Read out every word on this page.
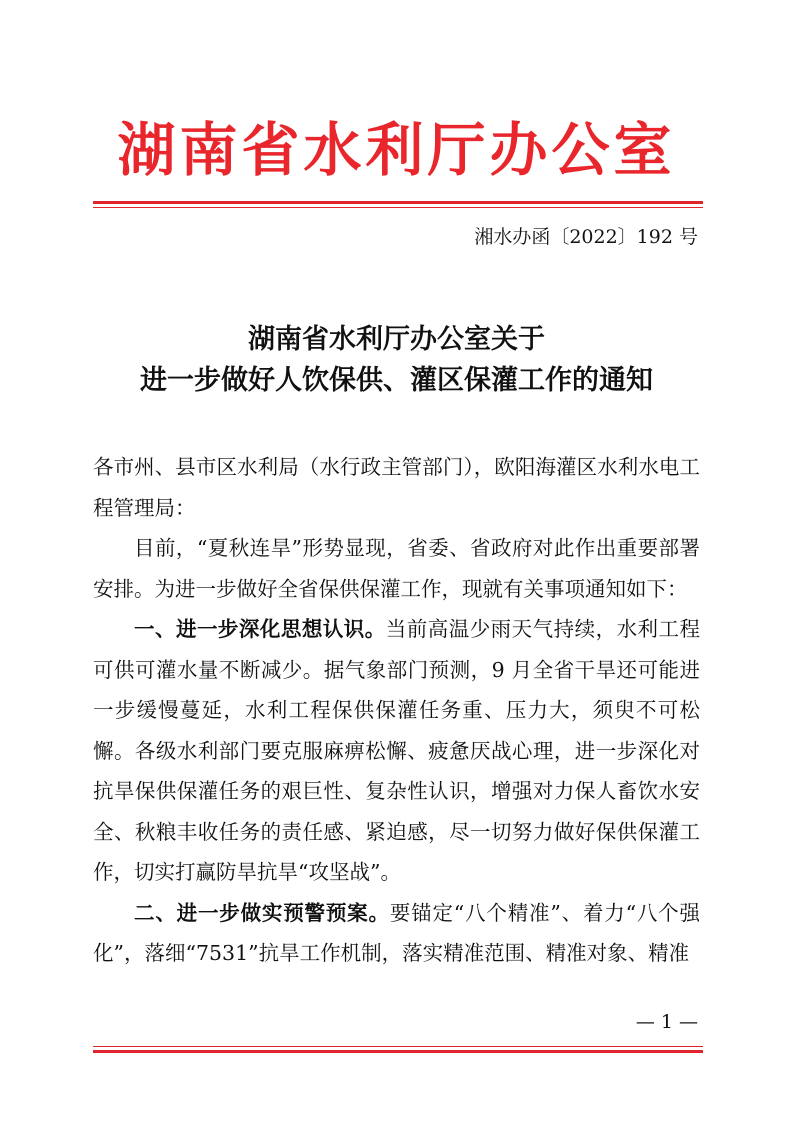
湖南省水利厅办公室
湘水办函〔2022〕192 号
湖南省水利厅办公室关于
进一步做好人饮保供、灌区保灌工作的通知

各市州、县市区水利局（水行政主管部门），欧阳海灌区水利水电工程管理局：

目前，“夏秋连旱”形势显现，省委、省政府对此作出重要部署安排。为进一步做好全省保供保灌工作，现就有关事项通知如下：

一、进一步深化思想认识。当前高温少雨天气持续，水利工程可供可灌水量不断减少。据气象部门预测，9 月全省干旱还可能进一步缓慢蔓延，水利工程保供保灌任务重、压力大，须臾不可松懈。各级水利部门要克服麻痹松懈、疲惫厌战心理，进一步深化对抗旱保供保灌任务的艰巨性、复杂性认识，增强对力保人畜饮水安全、秋粮丰收任务的责任感、紧迫感，尽一切努力做好保供保灌工作，切实打赢防旱抗旱“攻坚战”。

二、进一步做实预警预案。要锚定“八个精准”、着力“八个强化”，落细“7531”抗旱工作机制，落实精准范围、精准对象、精准

— 1 —
